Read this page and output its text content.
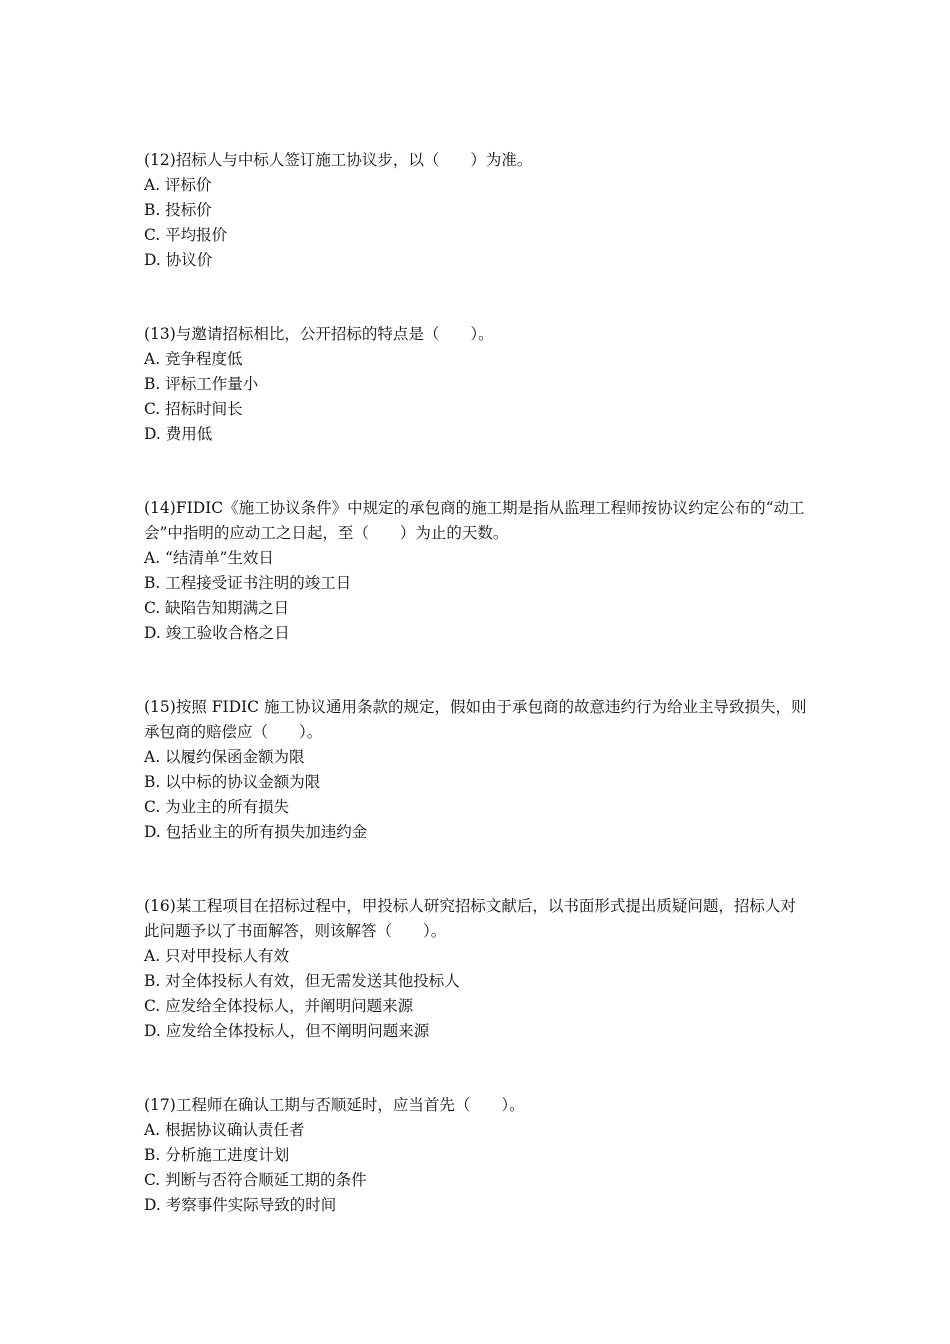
(12)招标人与中标人签订施工协议步，以（　　）为准。
A. 评标价
B. 投标价
C. 平均报价
D. 协议价
(13)与邀请招标相比，公开招标的特点是（　　）。
A. 竞争程度低
B. 评标工作量小
C. 招标时间长
D. 费用低
(14)FIDIC《施工协议条件》中规定的承包商的施工期是指从监理工程师按协议约定公布的“动工会”中指明的应动工之日起，至（　　）为止的天数。
A. “结清单”生效日
B. 工程接受证书注明的竣工日
C. 缺陷告知期满之日
D. 竣工验收合格之日
(15)按照 FIDIC 施工协议通用条款的规定，假如由于承包商的故意违约行为给业主导致损失，则承包商的赔偿应（　　）。
A. 以履约保函金额为限
B. 以中标的协议金额为限
C. 为业主的所有损失
D. 包括业主的所有损失加违约金
(16)某工程项目在招标过程中，甲投标人研究招标文献后，以书面形式提出质疑问题，招标人对此问题予以了书面解答，则该解答（　　）。
A. 只对甲投标人有效
B. 对全体投标人有效，但无需发送其他投标人
C. 应发给全体投标人，并阐明问题来源
D. 应发给全体投标人，但不阐明问题来源
(17)工程师在确认工期与否顺延时，应当首先（　　）。
A. 根据协议确认责任者
B. 分析施工进度计划
C. 判断与否符合顺延工期的条件
D. 考察事件实际导致的时间
